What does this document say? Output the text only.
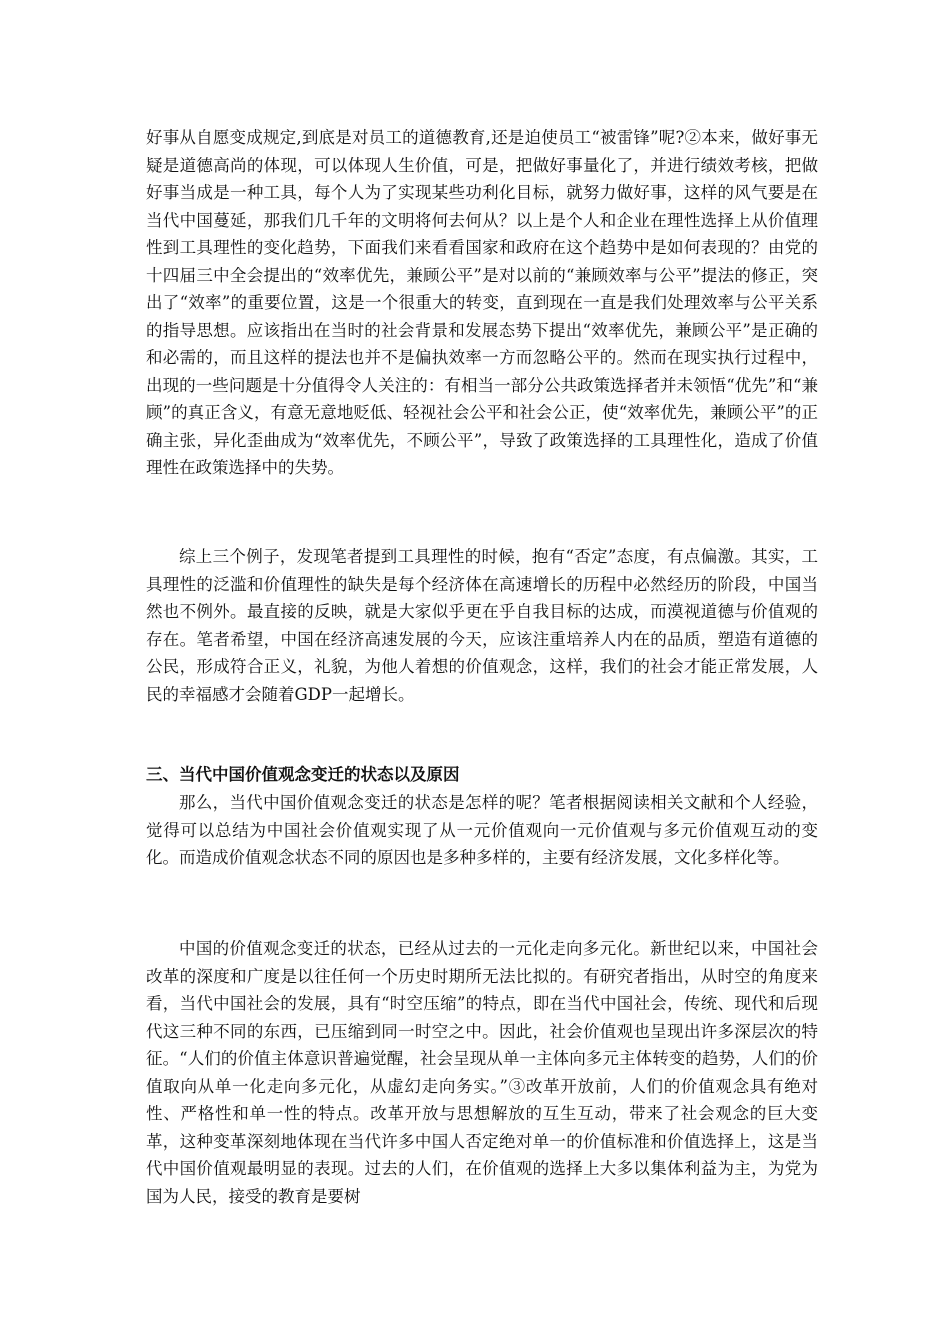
好事从自愿变成规定,到底是对员工的道德教育,还是迫使员工“被雷锋”呢?②本来，做好事无疑是道德高尚的体现，可以体现人生价值，可是，把做好事量化了，并进行绩效考核，把做好事当成是一种工具，每个人为了实现某些功利化目标，就努力做好事，这样的风气要是在当代中国蔓延，那我们几千年的文明将何去何从？以上是个人和企业在理性选择上从价值理性到工具理性的变化趋势，下面我们来看看国家和政府在这个趋势中是如何表现的？由党的十四届三中全会提出的“效率优先，兼顾公平”是对以前的“兼顾效率与公平”提法的修正，突出了“效率”的重要位置，这是一个很重大的转变，直到现在一直是我们处理效率与公平关系的指导思想。应该指出在当时的社会背景和发展态势下提出“效率优先，兼顾公平”是正确的和必需的，而且这样的提法也并不是偏执效率一方而忽略公平的。然而在现实执行过程中，出现的一些问题是十分值得令人关注的：有相当一部分公共政策选择者并未领悟“优先”和“兼顾”的真正含义，有意无意地贬低、轻视社会公平和社会公正，使“效率优先，兼顾公平”的正确主张，异化歪曲成为“效率优先，不顾公平”，导致了政策选择的工具理性化，造成了价值理性在政策选择中的失势。

综上三个例子，发现笔者提到工具理性的时候，抱有“否定”态度，有点偏激。其实，工具理性的泛滥和价值理性的缺失是每个经济体在高速增长的历程中必然经历的阶段，中国当然也不例外。最直接的反映，就是大家似乎更在乎自我目标的达成，而漠视道德与价值观的存在。笔者希望，中国在经济高速发展的今天，应该注重培养人内在的品质，塑造有道德的公民，形成符合正义，礼貌，为他人着想的价值观念，这样，我们的社会才能正常发展，人民的幸福感才会随着GDP一起增长。

三、当代中国价值观念变迁的状态以及原因

那么，当代中国价值观念变迁的状态是怎样的呢？笔者根据阅读相关文献和个人经验，觉得可以总结为中国社会价值观实现了从一元价值观向一元价值观与多元价值观互动的变化。而造成价值观念状态不同的原因也是多种多样的，主要有经济发展，文化多样化等。

中国的价值观念变迁的状态，已经从过去的一元化走向多元化。新世纪以来，中国社会改革的深度和广度是以往任何一个历史时期所无法比拟的。有研究者指出，从时空的角度来看，当代中国社会的发展，具有“时空压缩”的特点，即在当代中国社会，传统、现代和后现代这三种不同的东西，已压缩到同一时空之中。因此，社会价值观也呈现出许多深层次的特征。“人们的价值主体意识普遍觉醒，社会呈现从单一主体向多元主体转变的趋势，人们的价值取向从单一化走向多元化，从虚幻走向务实。”③改革开放前，人们的价值观念具有绝对性、严格性和单一性的特点。改革开放与思想解放的互生互动，带来了社会观念的巨大变革，这种变革深刻地体现在当代许多中国人否定绝对单一的价值标准和价值选择上，这是当代中国价值观最明显的表现。过去的人们，在价值观的选择上大多以集体利益为主，为党为国为人民，接受的教育是要树
